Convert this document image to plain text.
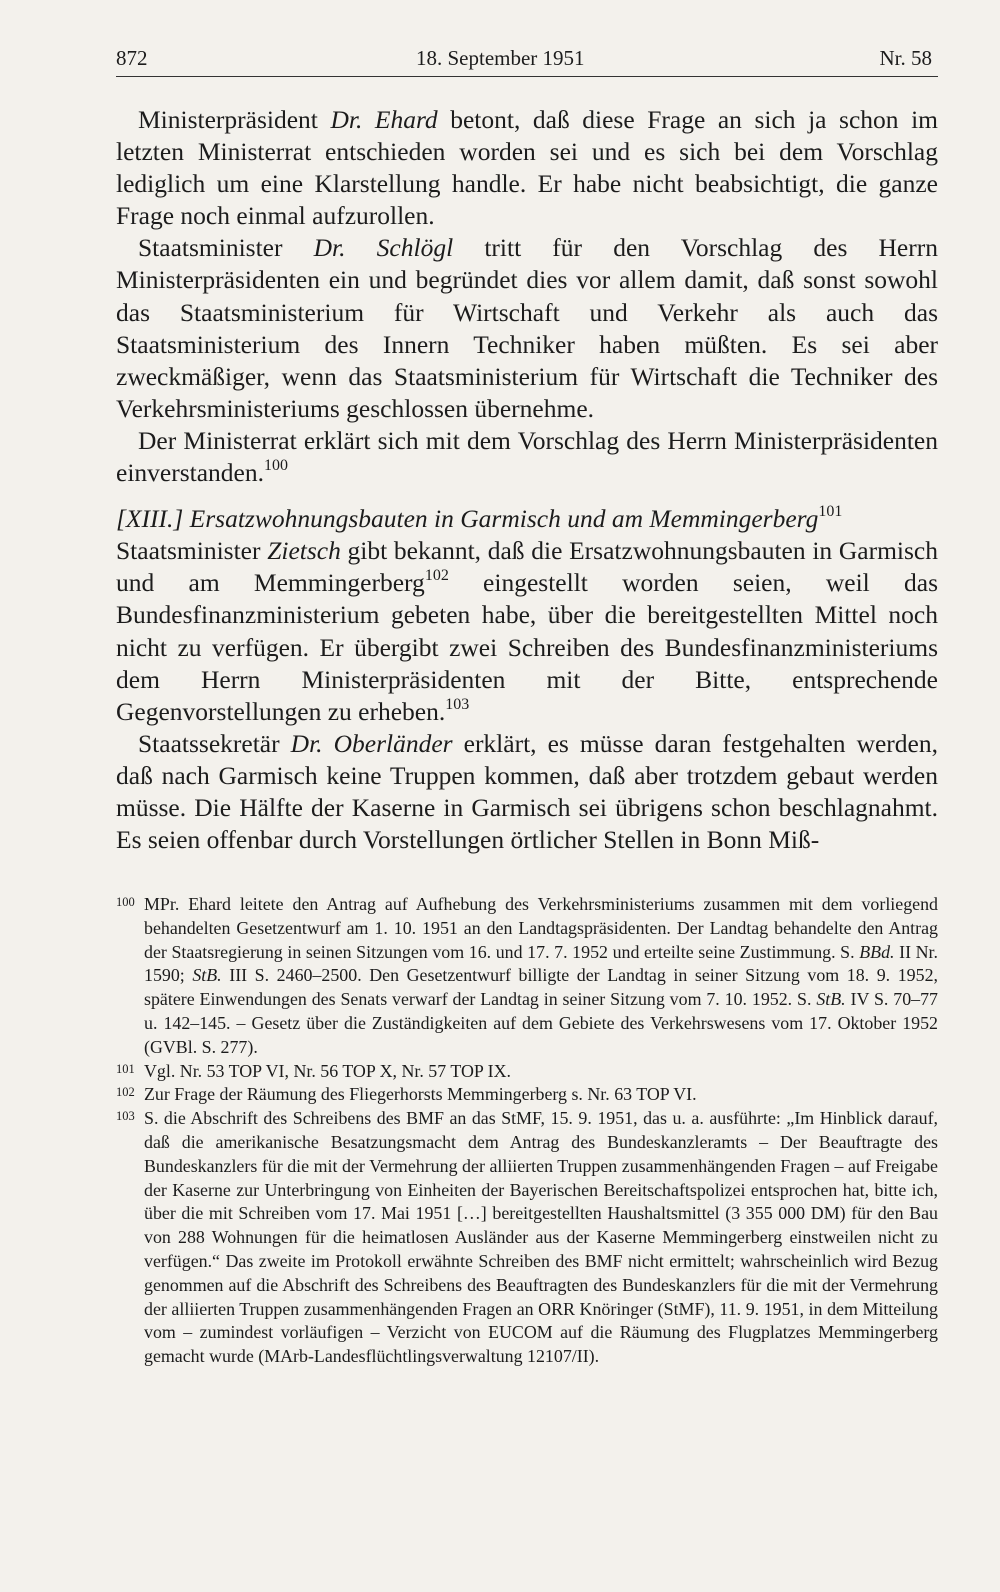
872	18. September 1951	Nr. 58

Ministerpräsident Dr. Ehard betont, daß diese Frage an sich ja schon im letzten Ministerrat entschieden worden sei und es sich bei dem Vorschlag lediglich um eine Klarstellung handle. Er habe nicht beabsichtigt, die ganze Frage noch einmal aufzurollen.

Staatsminister Dr. Schlögl tritt für den Vorschlag des Herrn Ministerpräsidenten ein und begründet dies vor allem damit, daß sonst sowohl das Staatsministerium für Wirtschaft und Verkehr als auch das Staatsministerium des Innern Techniker haben müßten. Es sei aber zweckmäßiger, wenn das Staatsministerium für Wirtschaft die Techniker des Verkehrsministeriums geschlossen übernehme.

Der Ministerrat erklärt sich mit dem Vorschlag des Herrn Ministerpräsidenten einverstanden.$^{100}$

[XIII.] Ersatzwohnungsbauten in Garmisch und am Memmingerberg$^{101}$

Staatsminister Zietsch gibt bekannt, daß die Ersatzwohnungsbauten in Garmisch und am Memmingerberg$^{102}$ eingestellt worden seien, weil das Bundesfinanzministerium gebeten habe, über die bereitgestellten Mittel noch nicht zu verfügen. Er übergibt zwei Schreiben des Bundesfinanzministeriums dem Herrn Ministerpräsidenten mit der Bitte, entsprechende Gegenvorstellungen zu erheben.$^{103}$

Staatssekretär Dr. Oberländer erklärt, es müsse daran festgehalten werden, daß nach Garmisch keine Truppen kommen, daß aber trotzdem gebaut werden müsse. Die Hälfte der Kaserne in Garmisch sei übrigens schon beschlagnahmt. Es seien offenbar durch Vorstellungen örtlicher Stellen in Bonn Miß-

100 MPr. Ehard leitete den Antrag auf Aufhebung des Verkehrsministeriums zusammen mit dem vorliegend behandelten Gesetzentwurf am 1. 10. 1951 an den Landtagspräsidenten. Der Landtag behandelte den Antrag der Staatsregierung in seinen Sitzungen vom 16. und 17. 7. 1952 und erteilte seine Zustimmung. S. BBd. II Nr. 1590; StB. III S. 2460–2500. Den Gesetzentwurf billigte der Landtag in seiner Sitzung vom 18. 9. 1952, spätere Einwendungen des Senats verwarf der Landtag in seiner Sitzung vom 7. 10. 1952. S. StB. IV S. 70–77 u. 142–145. – Gesetz über die Zuständigkeiten auf dem Gebiete des Verkehrswesens vom 17. Oktober 1952 (GVBl. S. 277).

101 Vgl. Nr. 53 TOP VI, Nr. 56 TOP X, Nr. 57 TOP IX.

102 Zur Frage der Räumung des Fliegerhorsts Memmingerberg s. Nr. 63 TOP VI.

103 S. die Abschrift des Schreibens des BMF an das StMF, 15. 9. 1951, das u. a. ausführte: „Im Hinblick darauf, daß die amerikanische Besatzungsmacht dem Antrag des Bundeskanzleramts – Der Beauftragte des Bundeskanzlers für die mit der Vermehrung der alliierten Truppen zusammenhängenden Fragen – auf Freigabe der Kaserne zur Unterbringung von Einheiten der Bayerischen Bereitschaftspolizei entsprochen hat, bitte ich, über die mit Schreiben vom 17. Mai 1951 […] bereitgestellten Haushaltsmittel (3 355 000 DM) für den Bau von 288 Wohnungen für die heimatlosen Ausländer aus der Kaserne Memmingerberg einstweilen nicht zu verfügen.“ Das zweite im Protokoll erwähnte Schreiben des BMF nicht ermittelt; wahrscheinlich wird Bezug genommen auf die Abschrift des Schreibens des Beauftragten des Bundeskanzlers für die mit der Vermehrung der alliierten Truppen zusammenhängenden Fragen an ORR Knöringer (StMF), 11. 9. 1951, in dem Mitteilung vom – zumindest vorläufigen – Verzicht von EUCOM auf die Räumung des Flugplatzes Memmingerberg gemacht wurde (MArb-Landesflüchtlingsverwaltung 12107/II).
